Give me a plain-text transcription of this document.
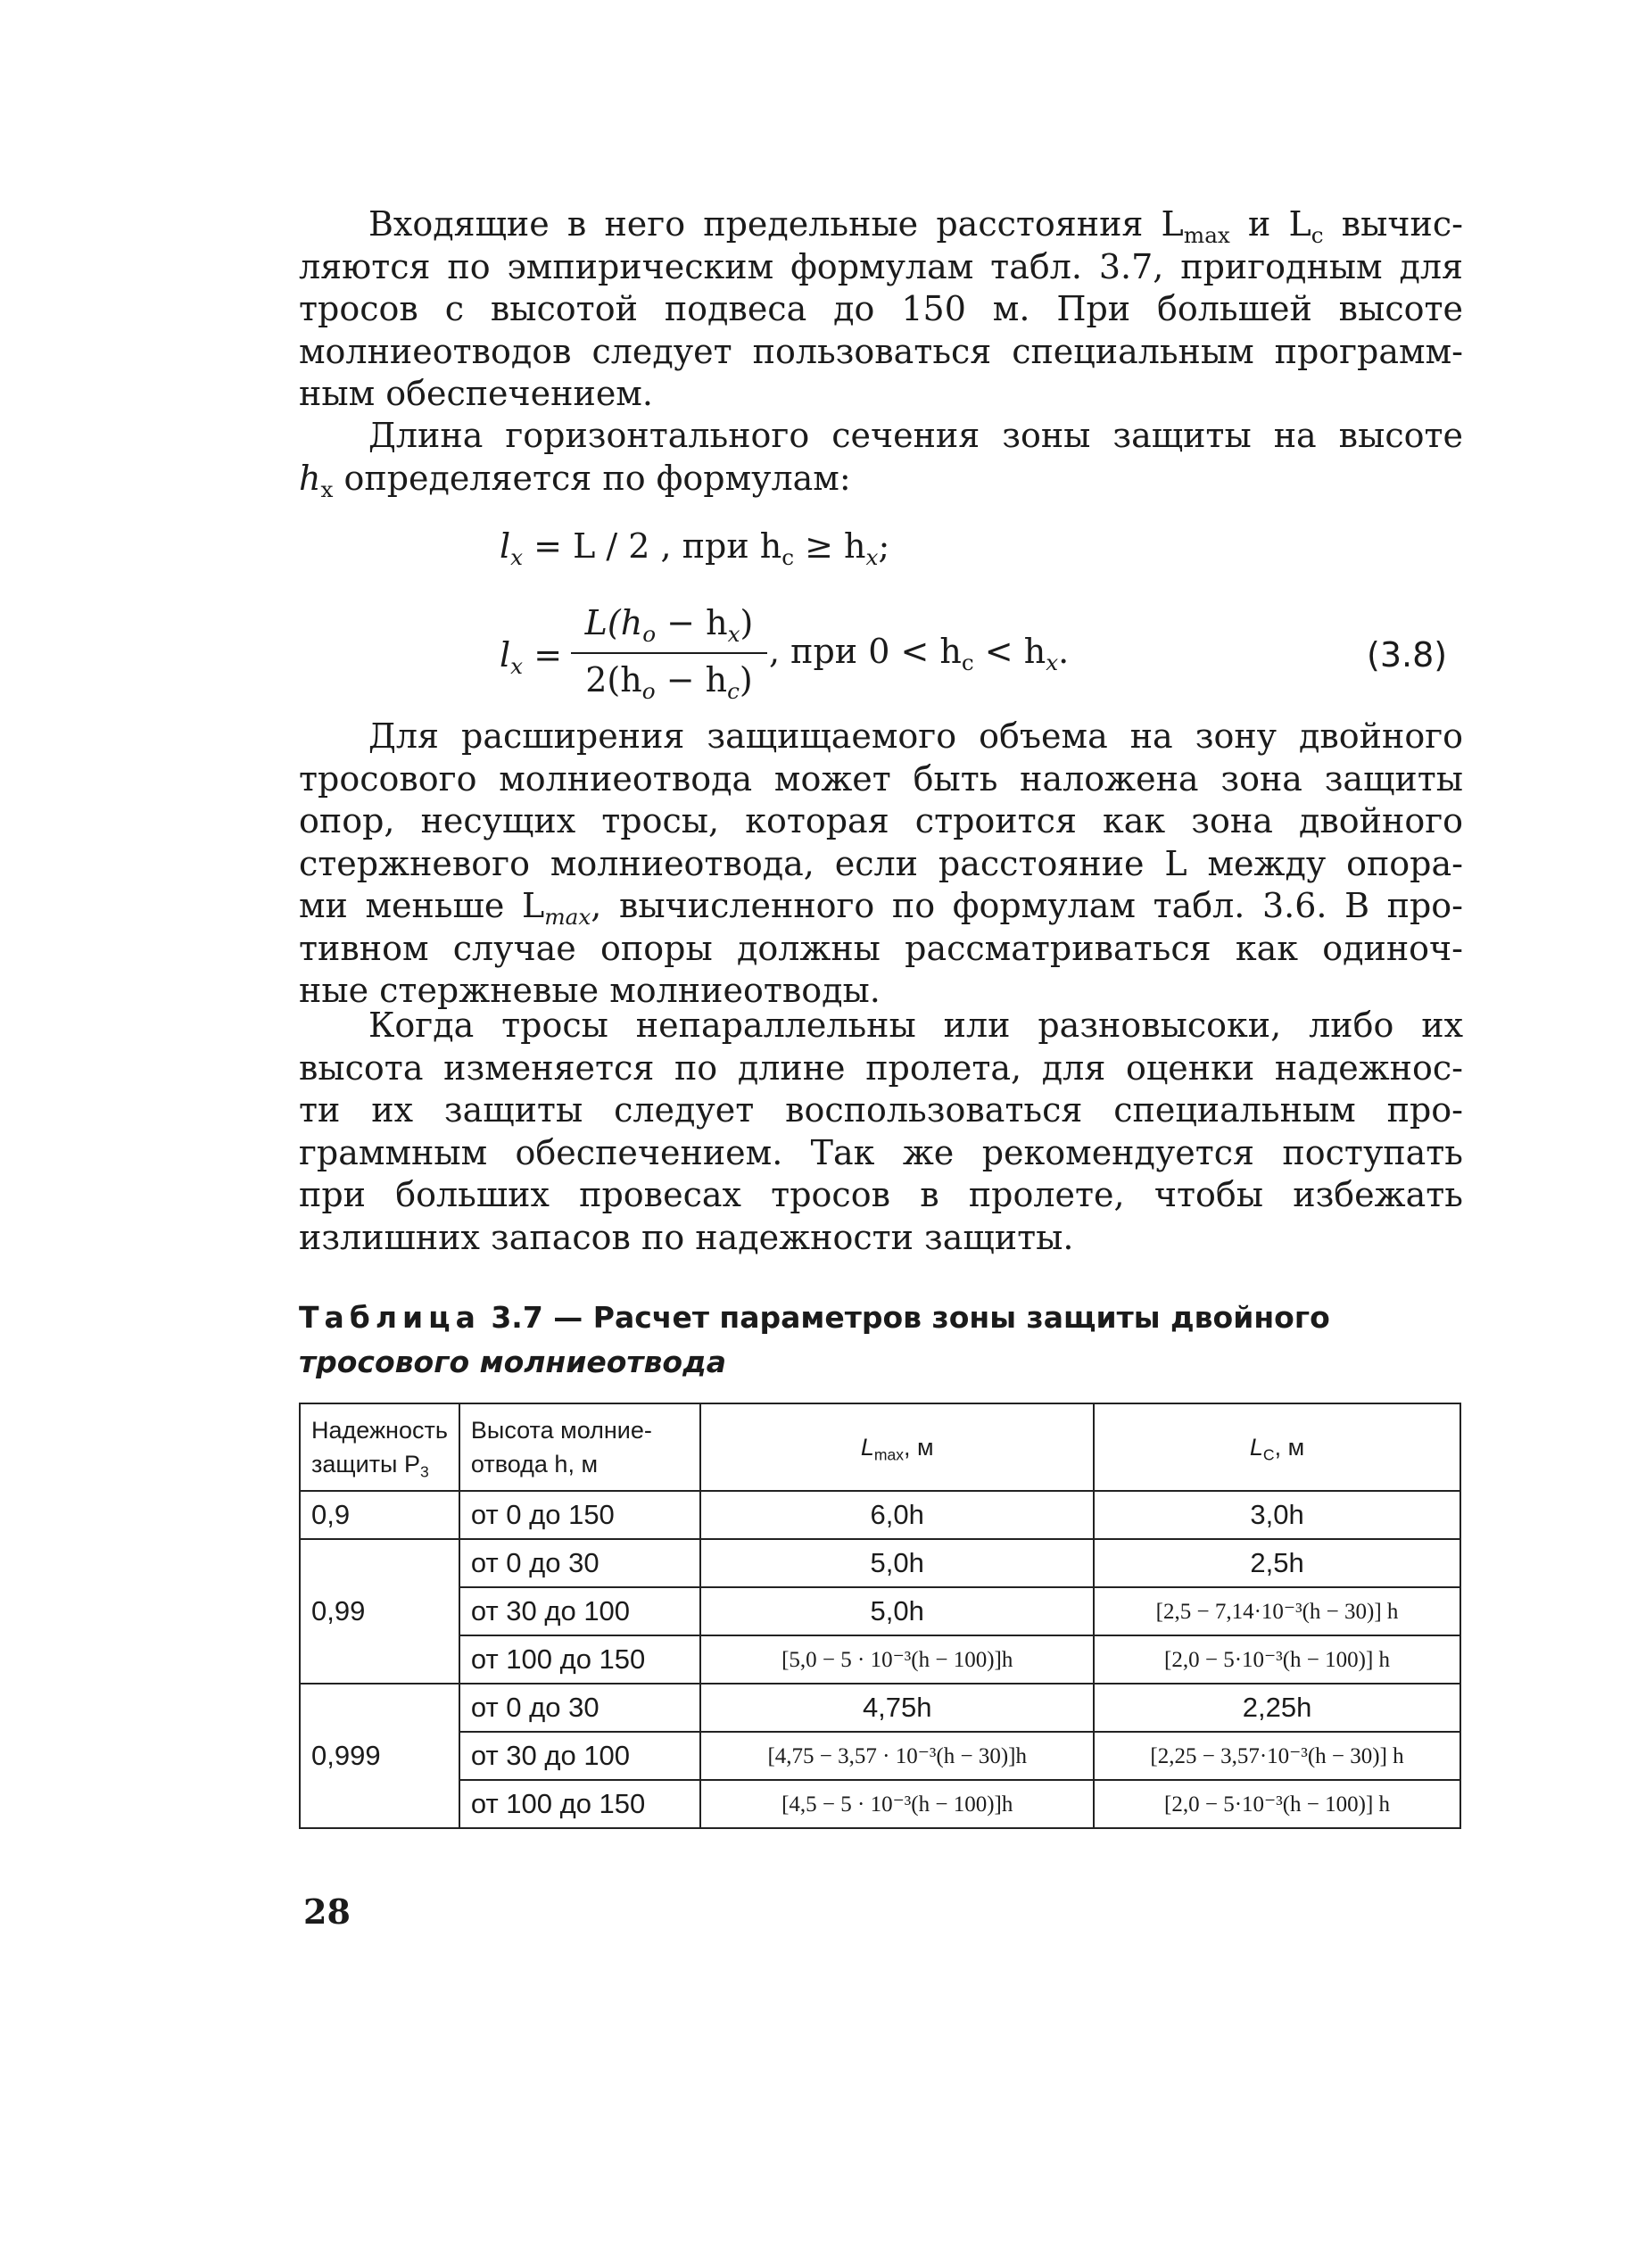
Входящие в него предельные расстояния $L_{max}$ и $L_c$ вычис-
ляются по эмпирическим формулам табл. 3.7, пригодным для
тросов с высотой подвеса до 150 м. При большей высоте
молниеотводов следует пользоваться специальным программ-
ным обеспечением.

Длина горизонтального сечения зоны защиты на высоте
$h_x$ определяется по формулам:

$l_x = L / 2$ , при $h_c \ge h_x$;
$l_x$ =
$L(h_o - h_x)$
$2(h_o - h_c)$
, при $0 < h_c < h_x$.	(3.8)

Для расширения защищаемого объема на зону двойного
тросового молниеотвода может быть наложена зона защиты
опор, несущих тросы, которая строится как зона двойного
стержневого молниеотвода, если расстояние L между опора-
ми меньше $L_{max}$, вычисленного по формулам табл. 3.6. В про-
тивном случае опоры должны рассматриваться как одиноч-
ные стержневые молниеотводы.

Когда тросы непараллельны или разновысоки, либо их
высота изменяется по длине пролета, для оценки надежнос-
ти их защиты следует воспользоваться специальным про-
граммным обеспечением. Так же рекомендуется поступать
при больших провесах тросов в пролете, чтобы избежать
излишних запасов по надежности защиты.

Таблица 3.7 — Расчет параметров зоны защиты двойного
тросового молниеотвода
Надежность
защиты $P_3$	Высота молние-
отвода h, м	$L_{max}$, м	$L_C$, м
0,9	от 0 до 150	6,0h	3,0h
0,99	от 0 до 30	5,0h	2,5h
	от 30 до 100	5,0h	[2,5 − 7,14·10⁻³(h − 30)] h
	от 100 до 150	[5,0 − 5 · 10⁻³(h − 100)]h	[2,0 − 5·10⁻³(h − 100)] h
0,999	от 0 до 30	4,75h	2,25h
	от 30 до 100	[4,75 − 3,57 · 10⁻³(h − 30)]h	[2,25 − 3,57·10⁻³(h − 30)] h
	от 100 до 150	[4,5 − 5 · 10⁻³(h − 100)]h	[2,0 − 5·10⁻³(h − 100)] h
28
